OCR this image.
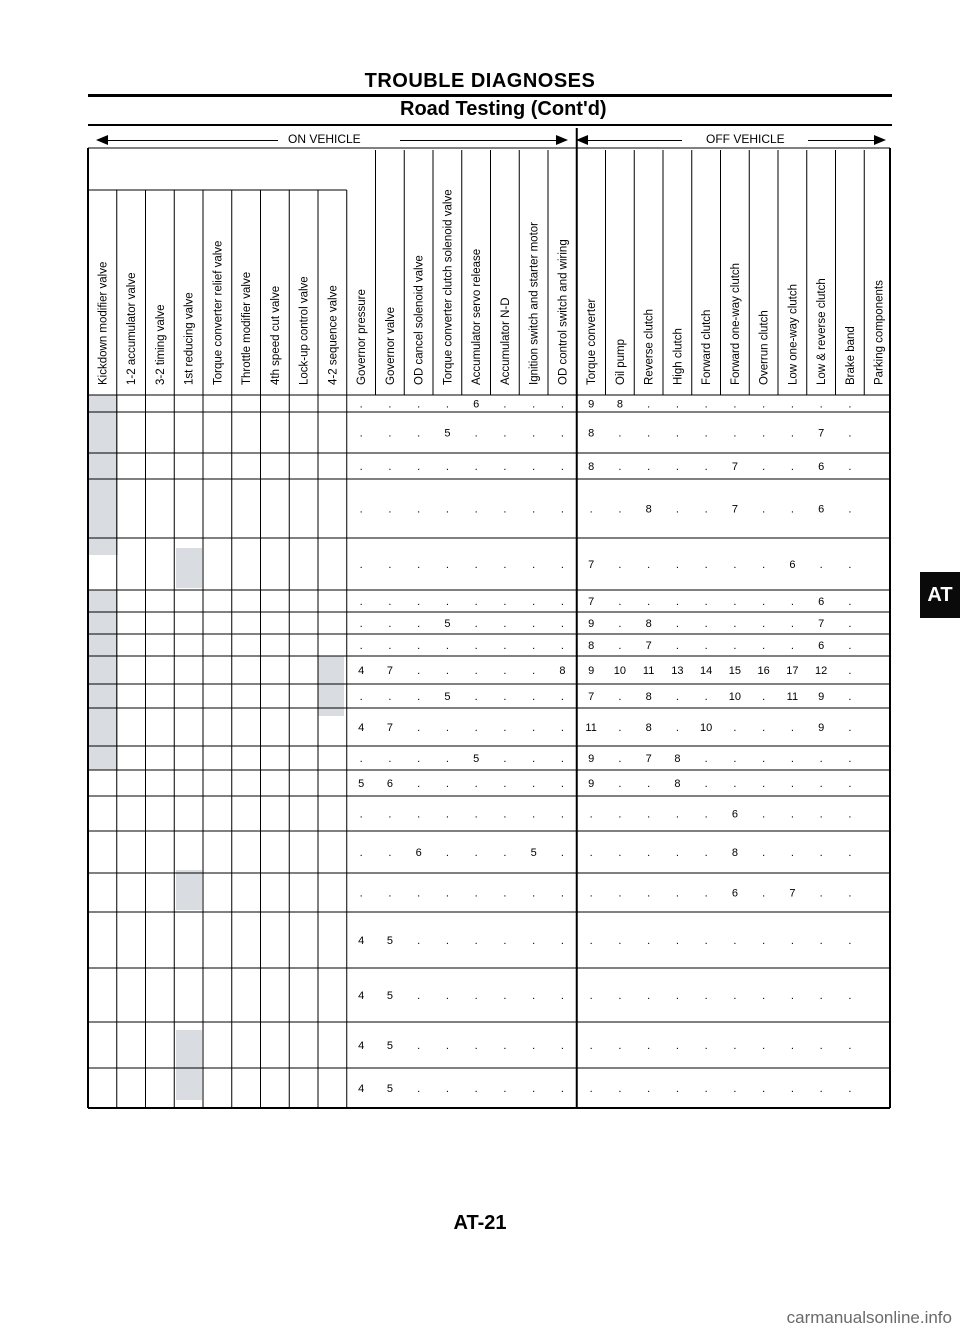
TROUBLE DIAGNOSES
Road Testing (Cont'd)
ON VEHICLE	OFF VEHICLE
Kickdown modifier valve 1-2 accumulator valve 3-2 timing valve 1st reducing valve Torque converter relief valve Throttle modifier valve 4th speed cut valve Lock-up control valve 4-2 sequence valve Governor pressure Governor valve OD cancel solenoid valve Torque converter clutch solenoid valve Accumulator servo release Accumulator N-D Ignition switch and starter motor OD control switch and wiring Torque converter Oil pump Reverse clutch High clutch Forward clutch Forward one-way clutch Overrun clutch Low one-way clutch Low & reverse clutch Brake band Parking components
. . . . 6 . . . 9 8 . . . . . . . .
. . . 5 . . . . 8 . . . . . . . 7 .
. . . . . . . . 8 . . . . 7 . . 6 .
. . . . . . . . . . 8 . . 7 . . 6 .
. . . . . . . . 7 . . . . . . 6 . .
. . . . . . . . 7 . . . . . . . 6 .
. . . 5 . . . . 9 . 8 . . . . . 7 .
. . . . . . . . 8 . 7 . . . . . 6 .
4 7 . . . . . 8 9 10 11 13 14 15 16 17 12 .
. . . 5 . . . . 7 . 8 . . 10 . 11 9 .
4 7 . . . . . . 11 . 8 . 10 . . . 9 .
. . . . 5 . . . 9 . 7 8 . . . . . .
5 6 . . . . . . 9 . . 8 . . . . . .
. . . . . . . . . . . . . 6 . . . .
. . 6 . . . 5 . . . . . . 8 . . . .
. . . . . . . . . . . . . 6 . 7 . .
4 5 . . . . . . . . . . . . . . . .
4 5 . . . . . . . . . . . . . . . .
4 5 . . . . . . . . . . . . . . . .
4 5 . . . . . . . . . . . . . . . .
AT
AT-21
carmanualsonline.info
